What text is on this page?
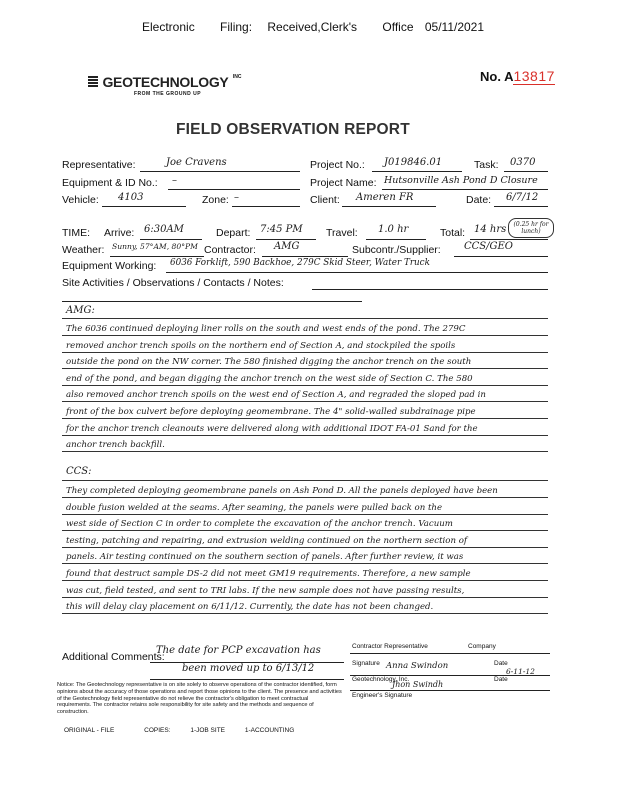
Electronic Filing: Received,Clerk's Office 05/11/2021
GEOTECHNOLOGY $^{INC}$
FROM THE GROUND UP
No. A13817
FIELD OBSERVATION REPORT
Representative:	Joe Cravens	Project No.: J019846.01	Task: 0370
Equipment & ID No.: –	Project Name: Hutsonville Ash Pond D Closure
Vehicle: 4103	Zone: –	Client: Ameren FR	Date: 6/7/12
TIME: Arrive: 6:30AM	Depart: 7:45 PM Travel: 1.0 hr	Total: 14 hrs	(0.25 hr for lunch)
Weather: Sunny, 57°AM, 80°PM Contractor: AMG	Subcontr./Supplier: CCS/GEO
Equipment Working: 6036 Forklift, 590 Backhoe, 279C Skid Steer, Water Truck
Site Activities / Observations / Contacts / Notes:
AMG:
The 6036 continued deploying liner rolls on the south and west ends of the pond. The 279C
removed anchor trench spoils on the northern end of Section A, and stockpiled the spoils
outside the pond on the NW corner. The 580 finished digging the anchor trench on the south
end of the pond, and began digging the anchor trench on the west side of Section C. The 580
also removed anchor trench spoils on the west end of Section A, and regraded the sloped pad in
front of the box culvert before deploying geomembrane. The 4" solid-walled subdrainage pipe
for the anchor trench cleanouts were delivered along with additional IDOT FA-01 Sand for the
anchor trench backfill.
CCS:
They completed deploying geomembrane panels on Ash Pond D. All the panels deployed have been
double fusion welded at the seams. After seaming, the panels were pulled back on the
west side of Section C in order to complete the excavation of the anchor trench. Vacuum
testing, patching and repairing, and extrusion welding continued on the northern section of
panels. Air testing continued on the southern section of panels. After further review, it was
found that destruct sample DS-2 did not meet GM19 requirements. Therefore, a new sample
was cut, field tested, and sent to TRI labs. If the new sample does not have passing results,
this will delay clay placement on 6/11/12. Currently, the date has not been changed.
Additional Comments:
The date for PCP excavation has
been moved up to 6/13/12
Contractor Representative	Company
Signature Anna Swindon	Date
6-11-12
Geotechnology, Inc.
Jhon Swindh
Date
Engineer's Signature
Notice: The Geotechnology representative is on site solely to observe operations of the contractor identified, form opinions about the accuracy of those operations and report those opinions to the client. The presence and activities of the Geotechnology field representative do not relieve the contractor's obligation to meet contractual requirements. The contractor retains sole responsibility for site safety and the methods and sequence of construction.
ORIGINAL - FILE	COPIES:	1-JOB SITE	1-ACCOUNTING
